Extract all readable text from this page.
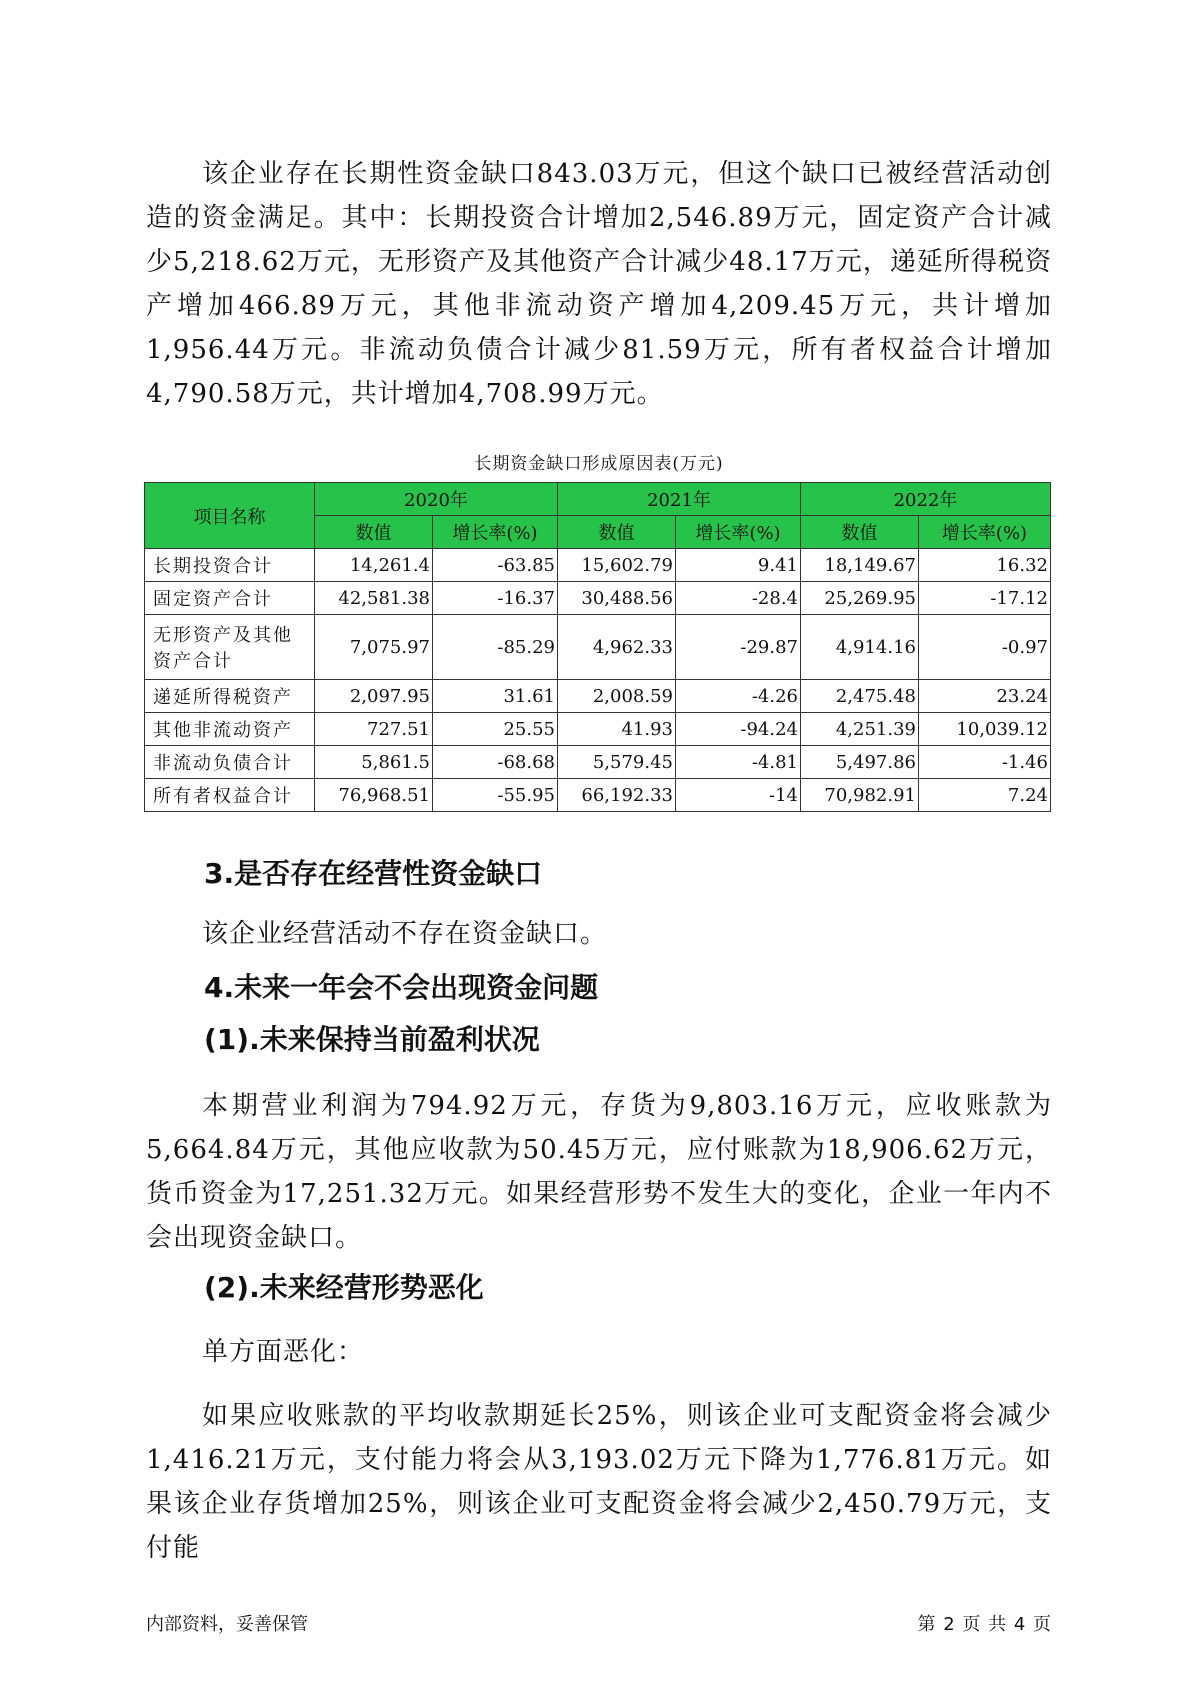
该企业存在长期性资金缺口843.03万元，但这个缺口已被经营活动创造的资金满足。其中：长期投资合计增加2,546.89万元，固定资产合计减少5,218.62万元，无形资产及其他资产合计减少48.17万元，递延所得税资产增加466.89万元，其他非流动资产增加4,209.45万元，共计增加1,956.44万元。非流动负债合计减少81.59万元，所有者权益合计增加4,790.58万元，共计增加4,708.99万元。

长期资金缺口形成原因表(万元)
项目名称	2020年		2021年		2022年	
	数值	增长率(%)	数值	增长率(%)	数值	增长率(%)
长期投资合计	14,261.4	-63.85	15,602.79	9.41	18,149.67	16.32
固定资产合计	42,581.38	-16.37	30,488.56	-28.4	25,269.95	-17.12
无形资产及其他资产合计	7,075.97	-85.29	4,962.33	-29.87	4,914.16	-0.97
递延所得税资产	2,097.95	31.61	2,008.59	-4.26	2,475.48	23.24
其他非流动资产	727.51	25.55	41.93	-94.24	4,251.39	10,039.12
非流动负债合计	5,861.5	-68.68	5,579.45	-4.81	5,497.86	-1.46
所有者权益合计	76,968.51	-55.95	66,192.33	-14	70,982.91	7.24
3.是否存在经营性资金缺口

该企业经营活动不存在资金缺口。

4.未来一年会不会出现资金问题
(1).未来保持当前盈利状况

本期营业利润为794.92万元，存货为9,803.16万元，应收账款为5,664.84万元，其他应收款为50.45万元，应付账款为18,906.62万元，货币资金为17,251.32万元。如果经营形势不发生大的变化，企业一年内不会出现资金缺口。

(2).未来经营形势恶化

单方面恶化：

如果应收账款的平均收款期延长25%，则该企业可支配资金将会减少1,416.21万元，支付能力将会从3,193.02万元下降为1,776.81万元。如果该企业存货增加25%，则该企业可支配资金将会减少2,450.79万元，支付能

内部资料，妥善保管	第 2 页 共 4 页
